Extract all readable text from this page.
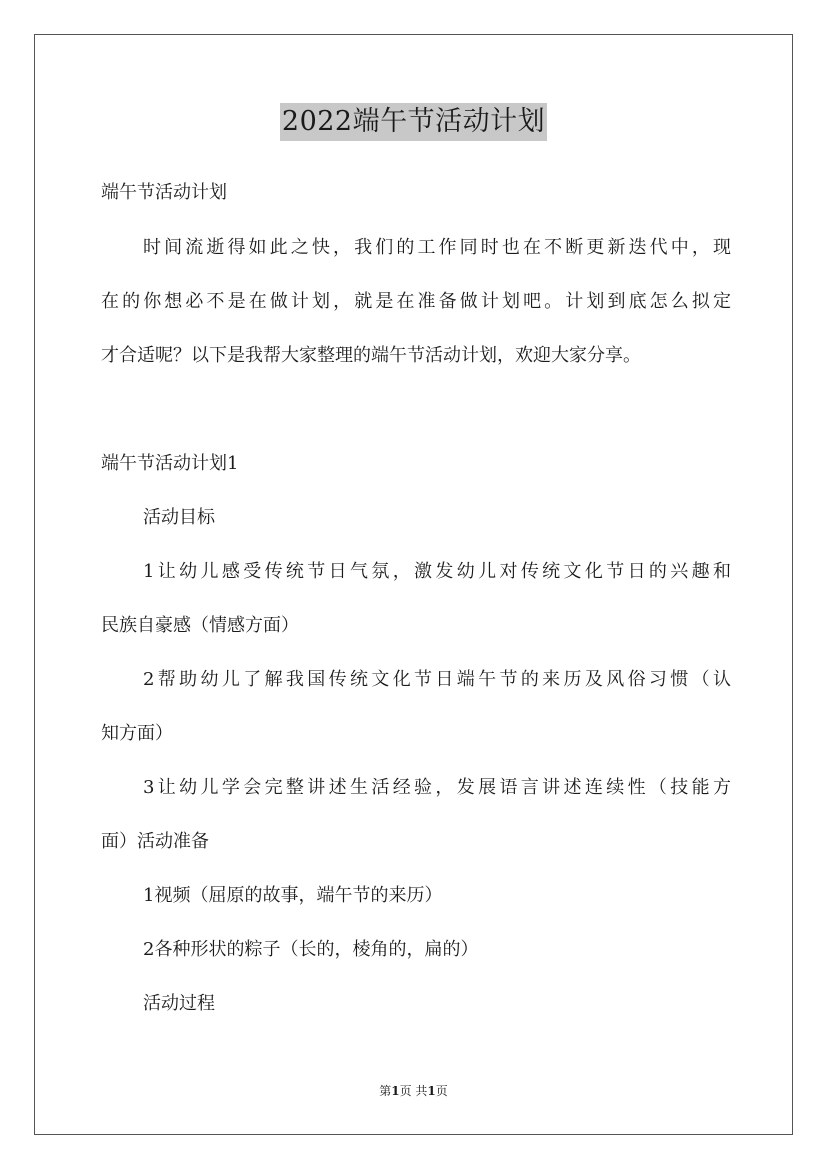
2022端午节活动计划
端午节活动计划
时间流逝得如此之快，我们的工作同时也在不断更新迭代中，现
在的你想必不是在做计划，就是在准备做计划吧。计划到底怎么拟定
才合适呢？以下是我帮大家整理的端午节活动计划，欢迎大家分享。
端午节活动计划1
活动目标
1让幼儿感受传统节日气氛，激发幼儿对传统文化节日的兴趣和
民族自豪感（情感方面）
2帮助幼儿了解我国传统文化节日端午节的来历及风俗习惯（认
知方面）
3让幼儿学会完整讲述生活经验，发展语言讲述连续性（技能方
面）活动准备
1视频（屈原的故事，端午节的来历）
2各种形状的粽子（长的，棱角的，扁的）
活动过程
第1页 共1页
